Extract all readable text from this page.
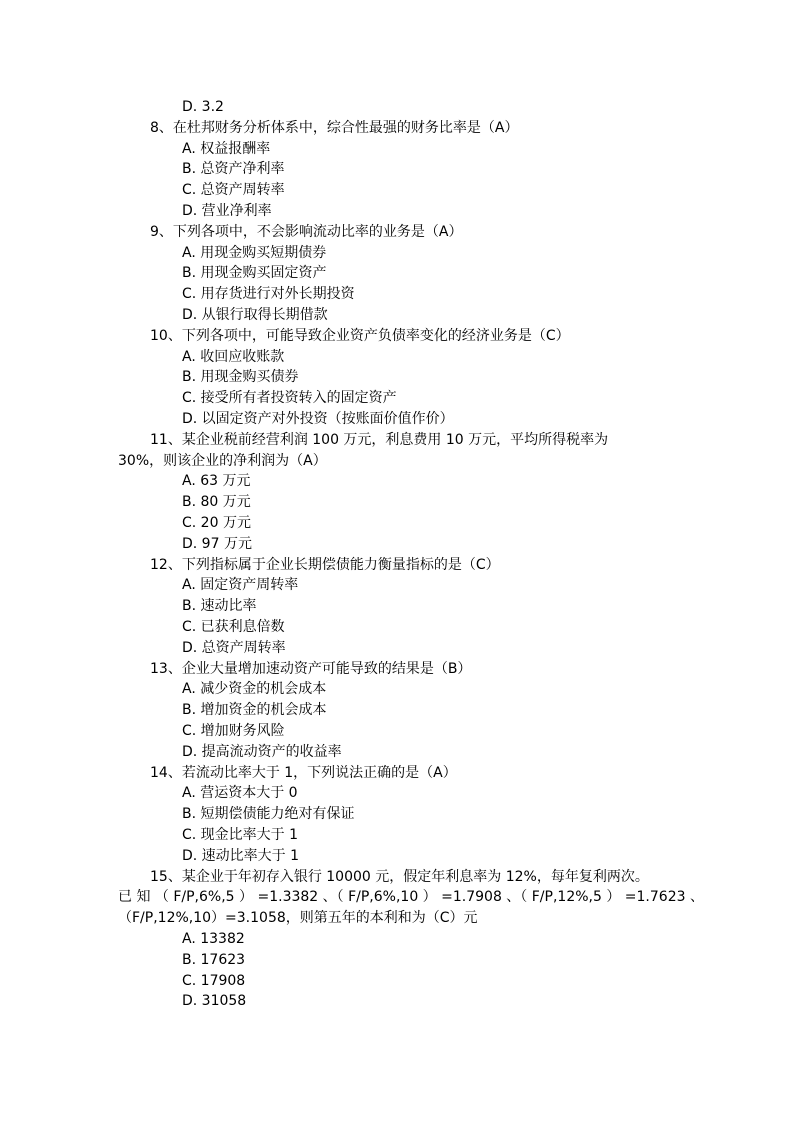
D. 3.2
8、在杜邦财务分析体系中，综合性最强的财务比率是（A）
A. 权益报酬率
B. 总资产净利率
C. 总资产周转率
D. 营业净利率
9、下列各项中，不会影响流动比率的业务是（A）
A. 用现金购买短期债券
B. 用现金购买固定资产
C. 用存货进行对外长期投资
D. 从银行取得长期借款
10、下列各项中，可能导致企业资产负债率变化的经济业务是（C）
A. 收回应收账款
B. 用现金购买债券
C. 接受所有者投资转入的固定资产
D. 以固定资产对外投资（按账面价值作价）
11、某企业税前经营利润 100 万元，利息费用 10 万元，平均所得税率为
30%，则该企业的净利润为（A）
A. 63 万元
B. 80 万元
C. 20 万元
D. 97 万元
12、下列指标属于企业长期偿债能力衡量指标的是（C）
A. 固定资产周转率
B. 速动比率
C. 已获利息倍数
D. 总资产周转率
13、企业大量增加速动资产可能导致的结果是（B）
A. 减少资金的机会成本
B. 增加资金的机会成本
C. 增加财务风险
D. 提高流动资产的收益率
14、若流动比率大于 1，下列说法正确的是（A）
A. 营运资本大于 0
B. 短期偿债能力绝对有保证
C. 现金比率大于 1
D. 速动比率大于 1
15、某企业于年初存入银行 10000 元，假定年利息率为 12%，每年复利两次。
已 知 （ F/P,6%,5 ） =1.3382 、（ F/P,6%,10 ） =1.7908 、（ F/P,12%,5 ） =1.7623 、
（F/P,12%,10）=3.1058，则第五年的本利和为（C）元
A. 13382
B. 17623
C. 17908
D. 31058
